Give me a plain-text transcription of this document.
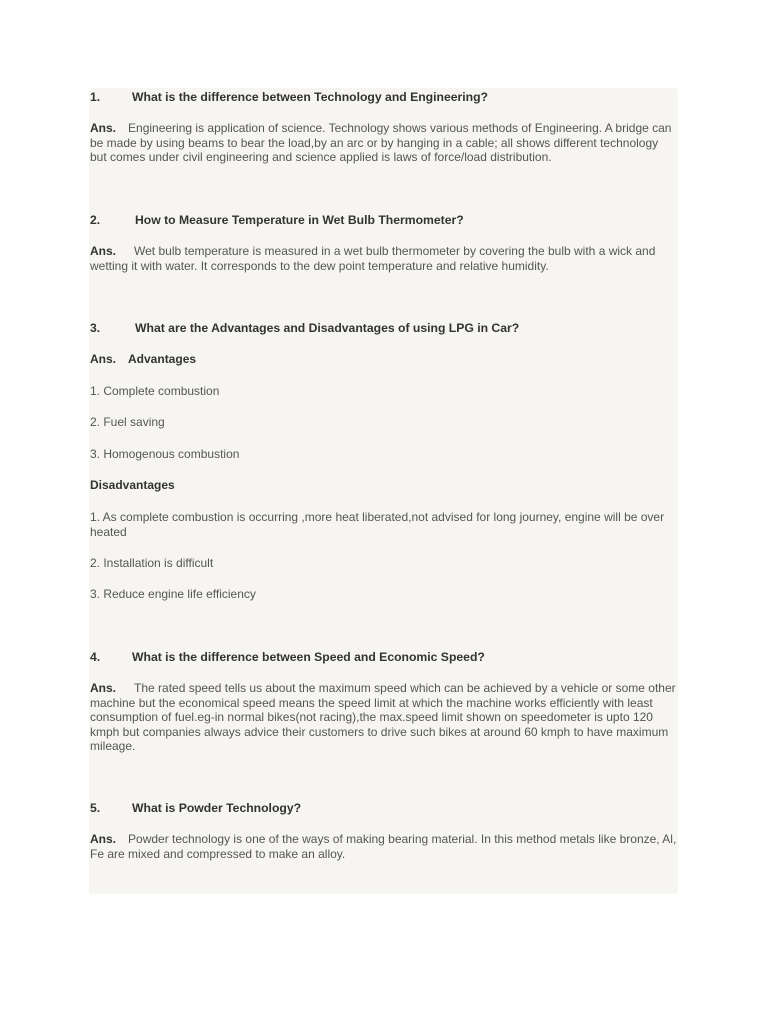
1.	What is the difference between Technology and Engineering?
Ans. Engineering is application of science. Technology shows various methods of Engineering. A bridge can be made by using beams to bear the load,by an arc or by hanging in a cable; all shows different technology but comes under civil engineering and science applied is laws of force/load distribution.
2.	How to Measure Temperature in Wet Bulb Thermometer?
Ans. Wet bulb temperature is measured in a wet bulb thermometer by covering the bulb with a wick and wetting it with water. It corresponds to the dew point temperature and relative humidity.
3.	What are the Advantages and Disadvantages of using LPG in Car?
Ans. Advantages
1. Complete combustion
2. Fuel saving
3. Homogenous combustion
Disadvantages
1. As complete combustion is occurring ,more heat liberated,not advised for long journey, engine will be over heated
2. Installation is difficult
3. Reduce engine life efficiency
4.	What is the difference between Speed and Economic Speed?
Ans. The rated speed tells us about the maximum speed which can be achieved by a vehicle or some other machine but the economical speed means the speed limit at which the machine works efficiently with least consumption of fuel.eg-in normal bikes(not racing),the max.speed limit shown on speedometer is upto 120 kmph but companies always advice their customers to drive such bikes at around 60 kmph to have maximum mileage.
5.	What is Powder Technology?
Ans. Powder technology is one of the ways of making bearing material. In this method metals like bronze, Al, Fe are mixed and compressed to make an alloy.
